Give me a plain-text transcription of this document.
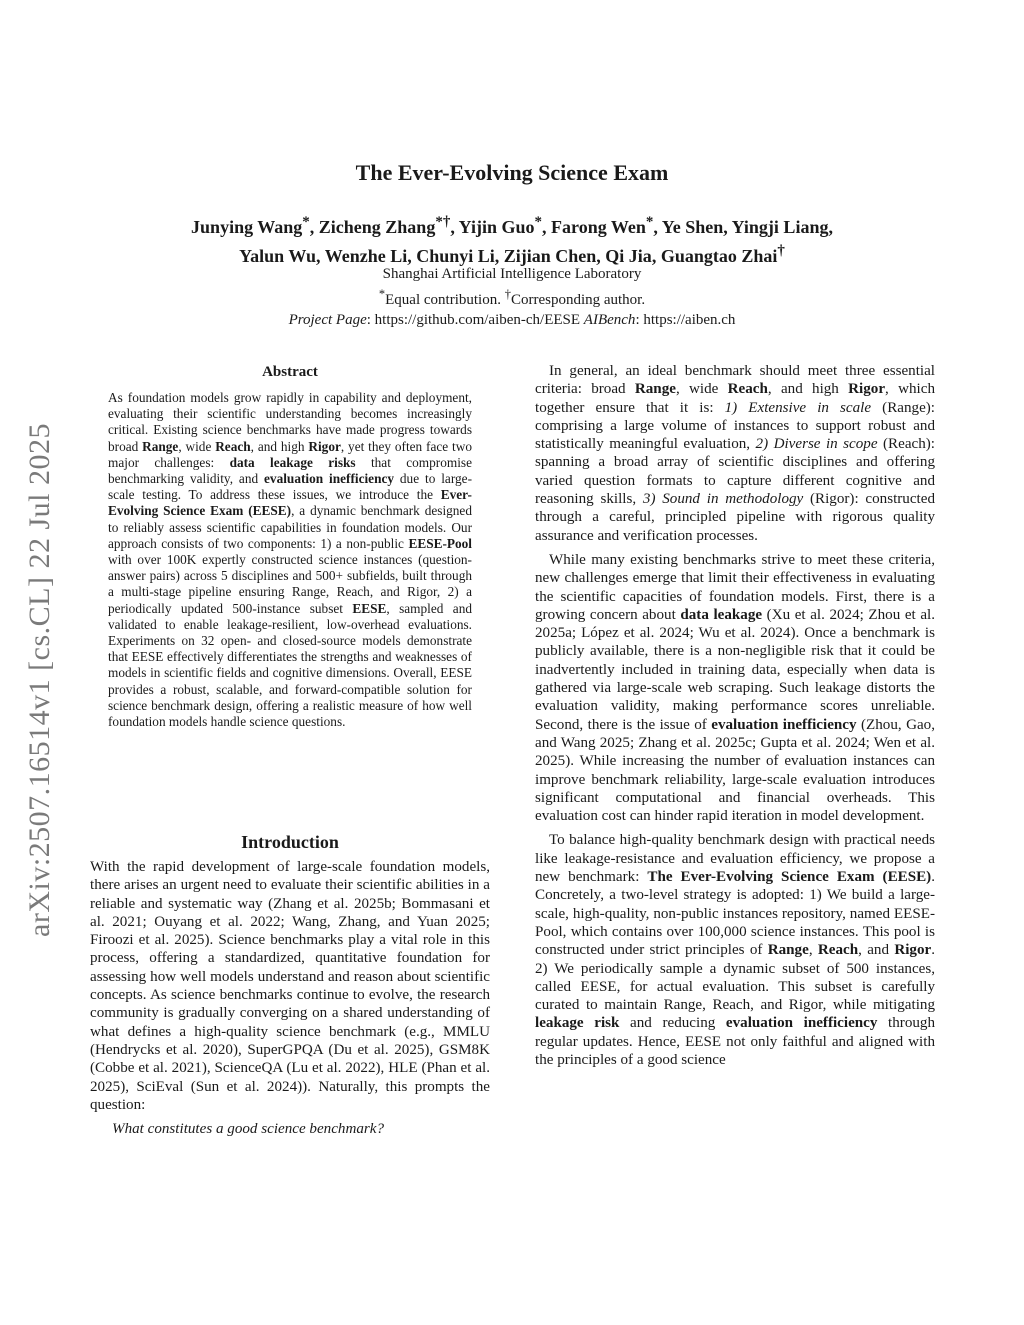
arXiv:2507.16514v1 [cs.CL] 22 Jul 2025
The Ever-Evolving Science Exam
Junying Wang*, Zicheng Zhang*†, Yijin Guo*, Farong Wen*, Ye Shen, Yingji Liang,
Yalun Wu, Wenzhe Li, Chunyi Li, Zijian Chen, Qi Jia, Guangtao Zhai†
Shanghai Artificial Intelligence Laboratory
*Equal contribution. †Corresponding author.
Project Page: https://github.com/aiben-ch/EESE AIBench: https://aiben.ch
Abstract
As foundation models grow rapidly in capability and deployment, evaluating their scientific understanding becomes increasingly critical. Existing science benchmarks have made progress towards broad Range, wide Reach, and high Rigor, yet they often face two major challenges: data leakage risks that compromise benchmarking validity, and evaluation inefficiency due to large-scale testing. To address these issues, we introduce the Ever-Evolving Science Exam (EESE), a dynamic benchmark designed to reliably assess scientific capabilities in foundation models. Our approach consists of two components: 1) a non-public EESE-Pool with over 100K expertly constructed science instances (question-answer pairs) across 5 disciplines and 500+ subfields, built through a multi-stage pipeline ensuring Range, Reach, and Rigor, 2) a periodically updated 500-instance subset EESE, sampled and validated to enable leakage-resilient, low-overhead evaluations. Experiments on 32 open- and closed-source models demonstrate that EESE effectively differentiates the strengths and weaknesses of models in scientific fields and cognitive dimensions. Overall, EESE provides a robust, scalable, and forward-compatible solution for science benchmark design, offering a realistic measure of how well foundation models handle science questions.
Introduction

With the rapid development of large-scale foundation models, there arises an urgent need to evaluate their scientific abilities in a reliable and systematic way (Zhang et al. 2025b; Bommasani et al. 2021; Ouyang et al. 2022; Wang, Zhang, and Yuan 2025; Firoozi et al. 2025). Science benchmarks play a vital role in this process, offering a standardized, quantitative foundation for assessing how well models understand and reason about scientific concepts. As science benchmarks continue to evolve, the research community is gradually converging on a shared understanding of what defines a high-quality science benchmark (e.g., MMLU (Hendrycks et al. 2020), SuperGPQA (Du et al. 2025), GSM8K (Cobbe et al. 2021), ScienceQA (Lu et al. 2022), HLE (Phan et al. 2025), SciEval (Sun et al. 2024)). Naturally, this prompts the question:

What constitutes a good science benchmark?

In general, an ideal benchmark should meet three essential criteria: broad Range, wide Reach, and high Rigor, which together ensure that it is: 1) Extensive in scale (Range): comprising a large volume of instances to support robust and statistically meaningful evaluation, 2) Diverse in scope (Reach): spanning a broad array of scientific disciplines and offering varied question formats to capture different cognitive and reasoning skills, 3) Sound in methodology (Rigor): constructed through a careful, principled pipeline with rigorous quality assurance and verification processes.

While many existing benchmarks strive to meet these criteria, new challenges emerge that limit their effectiveness in evaluating the scientific capacities of foundation models. First, there is a growing concern about data leakage (Xu et al. 2024; Zhou et al. 2025a; López et al. 2024; Wu et al. 2024). Once a benchmark is publicly available, there is a non-negligible risk that it could be inadvertently included in training data, especially when data is gathered via large-scale web scraping. Such leakage distorts the evaluation validity, making performance scores unreliable. Second, there is the issue of evaluation inefficiency (Zhou, Gao, and Wang 2025; Zhang et al. 2025c; Gupta et al. 2024; Wen et al. 2025). While increasing the number of evaluation instances can improve benchmark reliability, large-scale evaluation introduces significant computational and financial overheads. This evaluation cost can hinder rapid iteration in model development.

To balance high-quality benchmark design with practical needs like leakage-resistance and evaluation efficiency, we propose a new benchmark: The Ever-Evolving Science Exam (EESE). Concretely, a two-level strategy is adopted: 1) We build a large-scale, high-quality, non-public instances repository, named EESE-Pool, which contains over 100,000 science instances. This pool is constructed under strict principles of Range, Reach, and Rigor. 2) We periodically sample a dynamic subset of 500 instances, called EESE, for actual evaluation. This subset is carefully curated to maintain Range, Reach, and Rigor, while mitigating leakage risk and reducing evaluation inefficiency through regular updates. Hence, EESE not only faithful and aligned with the principles of a good science
